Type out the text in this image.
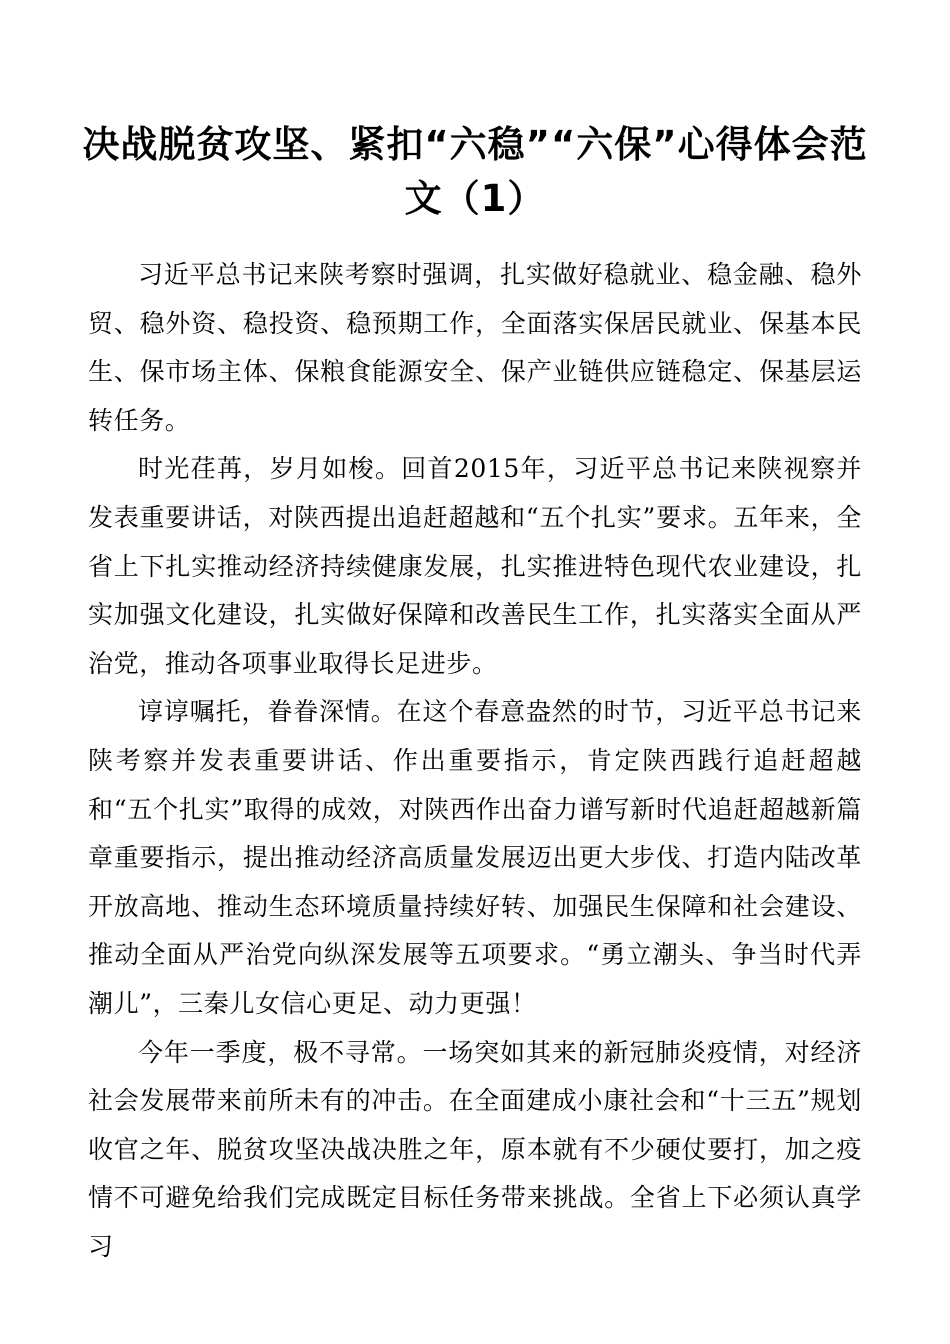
决战脱贫攻坚、紧扣“六稳”“六保”心得体会范文（1）

习近平总书记来陕考察时强调，扎实做好稳就业、稳金融、稳外贸、稳外资、稳投资、稳预期工作，全面落实保居民就业、保基本民生、保市场主体、保粮食能源安全、保产业链供应链稳定、保基层运转任务。

时光荏苒，岁月如梭。回首2015年，习近平总书记来陕视察并发表重要讲话，对陕西提出追赶超越和“五个扎实”要求。五年来，全省上下扎实推动经济持续健康发展，扎实推进特色现代农业建设，扎实加强文化建设，扎实做好保障和改善民生工作，扎实落实全面从严治党，推动各项事业取得长足进步。

谆谆嘱托，眷眷深情。在这个春意盎然的时节，习近平总书记来陕考察并发表重要讲话、作出重要指示，肯定陕西践行追赶超越和“五个扎实”取得的成效，对陕西作出奋力谱写新时代追赶超越新篇章重要指示，提出推动经济高质量发展迈出更大步伐、打造内陆改革开放高地、推动生态环境质量持续好转、加强民生保障和社会建设、推动全面从严治党向纵深发展等五项要求。“勇立潮头、争当时代弄潮儿”，三秦儿女信心更足、动力更强！

今年一季度，极不寻常。一场突如其来的新冠肺炎疫情，对经济社会发展带来前所未有的冲击。在全面建成小康社会和“十三五”规划收官之年、脱贫攻坚决战决胜之年，原本就有不少硬仗要打，加之疫情不可避免给我们完成既定目标任务带来挑战。全省上下必须认真学习
